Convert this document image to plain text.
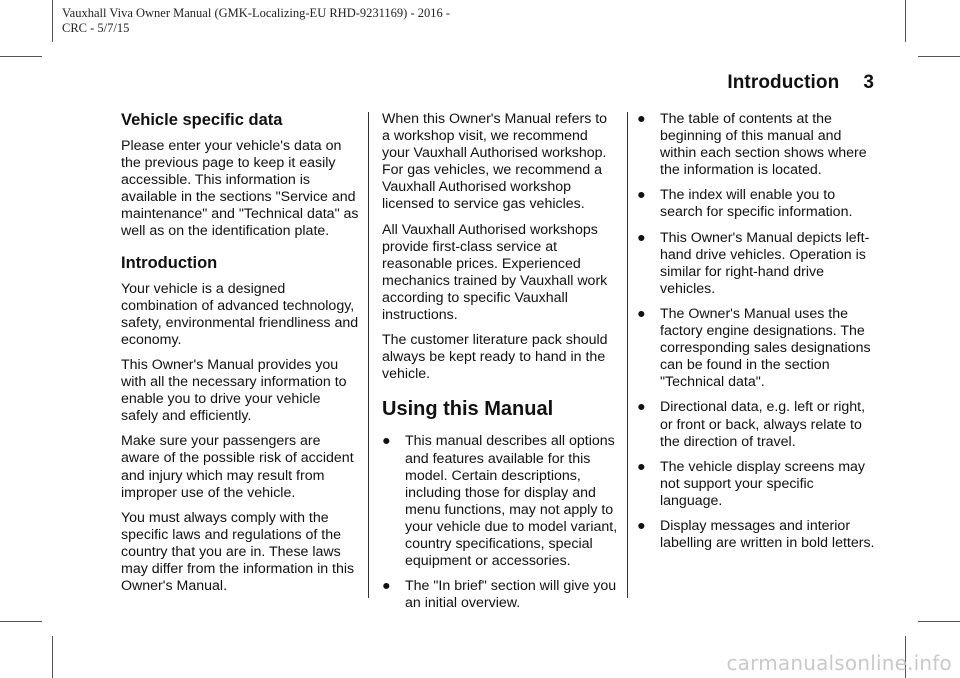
Vauxhall Viva Owner Manual (GMK-Localizing-EU RHD-9231169) - 2016 -
CRC - 5/7/15
Introduction 3
Vehicle specific data

Please enter your vehicle's data on the previous page to keep it easily accessible. This information is available in the sections "Service and maintenance" and "Technical data" as well as on the identification plate.

Introduction

Your vehicle is a designed combination of advanced technology, safety, environmental friendliness and economy.

This Owner's Manual provides you with all the necessary information to enable you to drive your vehicle safely and efficiently.

Make sure your passengers are aware of the possible risk of accident and injury which may result from improper use of the vehicle.

You must always comply with the specific laws and regulations of the country that you are in. These laws may differ from the information in this Owner's Manual.

When this Owner's Manual refers to a workshop visit, we recommend your Vauxhall Authorised workshop. For gas vehicles, we recommend a Vauxhall Authorised workshop licensed to service gas vehicles.

All Vauxhall Authorised workshops provide first-class service at reasonable prices. Experienced mechanics trained by Vauxhall work according to specific Vauxhall instructions.

The customer literature pack should always be kept ready to hand in the vehicle.

Using this Manual
● This manual describes all options and features available for this model. Certain descriptions, including those for display and menu functions, may not apply to your vehicle due to model variant, country specifications, special equipment or accessories.
● The "In brief" section will give you an initial overview.
● The table of contents at the beginning of this manual and within each section shows where the information is located.
● The index will enable you to search for specific information.
● This Owner's Manual depicts left-hand drive vehicles. Operation is similar for right-hand drive vehicles.
● The Owner's Manual uses the factory engine designations. The corresponding sales designations can be found in the section "Technical data".
● Directional data, e.g. left or right, or front or back, always relate to the direction of travel.
● The vehicle display screens may not support your specific language.
● Display messages and interior labelling are written in bold letters.
carmanualsonline.info
